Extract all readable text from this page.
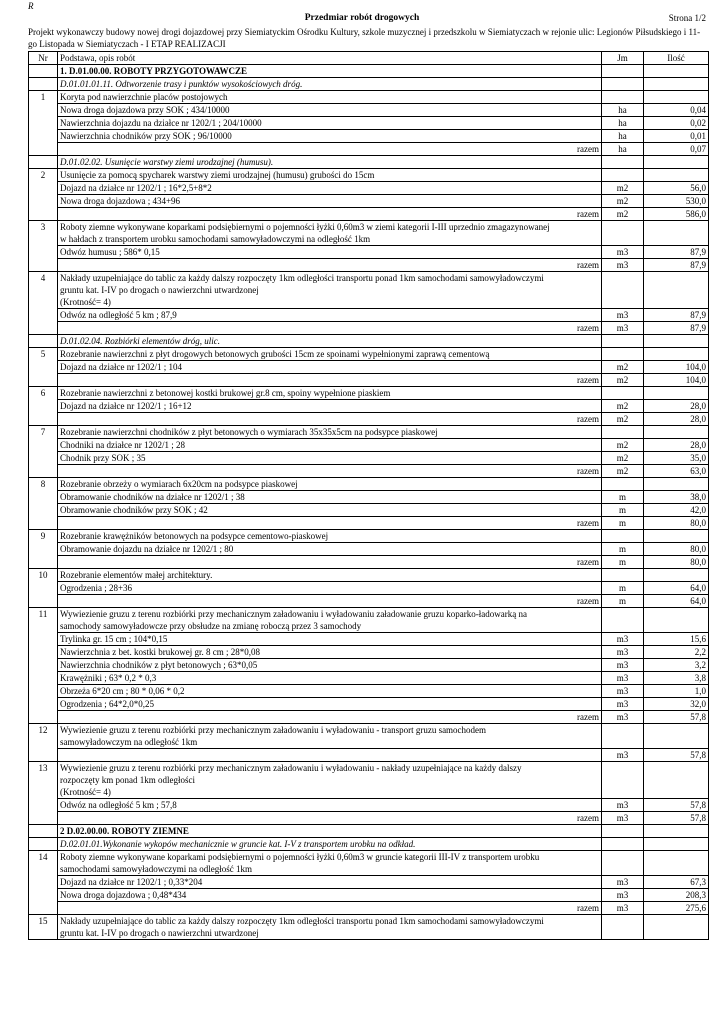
R
Przedmiar robót drogowych	Strona 1/2
Projekt wykonawczy budowy nowej drogi dojazdowej przy Siemiatyckim Ośrodku Kultury, szkole muzycznej i przedszkolu w Siemiatyczach w rejonie ulic: Legionów Piłsudskiego i 11-go Listopada w Siemiatyczach - I ETAP REALIZACJI
Nr	Podstawa, opis robót	Jm	Ilość
	1. D.01.00.00. ROBOTY PRZYGOTOWAWCZE		
	D.01.01.01.11. Odtworzenie trasy i punktów wysokościowych dróg.		
1	Koryta pod nawierzchnie placów postojowych		

	Nowa droga dojazdowa przy SOK ; 434/10000	ha	0,04
	Nawierzchnia dojazdu na działce nr 1202/1 ; 204/10000	ha	0,02
	Nawierzchnia chodników przy SOK ; 96/10000	ha	0,01
	razem	ha	0,07
	D.01.02.02. Usunięcie warstwy ziemi urodzajnej (humusu).		
2	Usunięcie za pomocą spycharek warstwy ziemi urodzajnej (humusu) grubości do 15cm		

	Dojazd na działce nr 1202/1 ; 16*2,5+8*2	m2	56,0
	Nowa droga dojazdowa ; 434+96	m2	530,0
	razem	m2	586,0
3	Roboty ziemne wykonywane koparkami podsiębiernymi o pojemności łyżki 0,60m3 w ziemi kategorii I-III uprzednio zmagazynowanej
w hałdach z transportem urobku samochodami samowyładowczymi na odległość 1km		

	Odwóz humusu ; 586* 0,15	m3	87,9
	razem	m3	87,9
4	Nakłady uzupełniające do tablic za każdy dalszy rozpoczęty 1km odległości transportu ponad 1km samochodami samowyładowczymi
gruntu kat. I-IV po drogach o nawierzchni utwardzonej
(Krotność= 4)		

	Odwóz na odległość 5 km ; 87,9	m3	87,9
	razem	m3	87,9
	D.01.02.04. Rozbiórki elementów dróg, ulic.		
5	Rozebranie nawierzchni z płyt drogowych betonowych grubości 15cm ze spoinami wypełnionymi zaprawą cementową		

	Dojazd na działce nr 1202/1 ; 104	m2	104,0
	razem	m2	104,0
6	Rozebranie nawierzchni z betonowej kostki brukowej gr.8 cm, spoiny wypełnione piaskiem		

	Dojazd na działce nr 1202/1 ; 16+12	m2	28,0
	razem	m2	28,0
7	Rozebranie nawierzchni chodników z płyt betonowych o wymiarach 35x35x5cm na podsypce piaskowej		

	Chodniki na działce nr 1202/1 ; 28	m2	28,0
	Chodnik przy SOK ; 35	m2	35,0
	razem	m2	63,0
8	Rozebranie obrzeży o wymiarach 6x20cm na podsypce piaskowej		

	Obramowanie chodników na działce nr 1202/1 ; 38	m	38,0
	Obramowanie chodników przy SOK ; 42	m	42,0
	razem	m	80,0
9	Rozebranie krawężników betonowych na podsypce cementowo-piaskowej		

	Obramowanie dojazdu na działce nr 1202/1 ; 80	m	80,0
	razem	m	80,0
10	Rozebranie elementów małej architektury.		

	Ogrodzenia ; 28+36	m	64,0
	razem	m	64,0
11	Wywiezienie gruzu z terenu rozbiórki przy mechanicznym załadowaniu i wyładowaniu załadowanie gruzu koparko-ładowarką na
samochody samowyładowcze przy obsłudze na zmianę roboczą przez 3 samochody		

	Trylinka gr. 15 cm ; 104*0,15	m3	15,6
	Nawierzchnia z bet. kostki brukowej gr. 8 cm ; 28*0,08	m3	2,2
	Nawierzchnia chodników z płyt betonowych ; 63*0,05	m3	3,2
	Krawężniki ; 63* 0,2 * 0,3	m3	3,8
	Obrzeża 6*20 cm ; 80 * 0,06 * 0,2	m3	1,0
	Ogrodzenia ; 64*2,0*0,25	m3	32,0
	razem	m3	57,8
12	Wywiezienie gruzu z terenu rozbiórki przy mechanicznym załadowaniu i wyładowaniu - transport gruzu samochodem
samowyładowczym na odległość 1km		

		m3	57,8
13	Wywiezienie gruzu z terenu rozbiórki przy mechanicznym załadowaniu i wyładowaniu - nakłady uzupełniające na każdy dalszy
rozpoczęty km ponad 1km odległości
(Krotność= 4)		

	Odwóz na odległość 5 km ; 57,8	m3	57,8
	razem	m3	57,8
	2 D.02.00.00. ROBOTY ZIEMNE		
	D.02.01.01.Wykonanie wykopów mechanicznie w gruncie kat. I-V z transportem urobku na odkład.		
14	Roboty ziemne wykonywane koparkami podsiębiernymi o pojemności łyżki 0,60m3 w gruncie kategorii III-IV z transportem urobku
samochodami samowyładowczymi na odległość 1km		

	Dojazd na działce nr 1202/1 ; 0,33*204	m3	67,3
	Nowa droga dojazdowa ; 0,48*434	m3	208,3
	razem	m3	275,6
15	Nakłady uzupełniające do tablic za każdy dalszy rozpoczęty 1km odległości transportu ponad 1km samochodami samowyładowczymi
gruntu kat. I-IV po drogach o nawierzchni utwardzonej		
